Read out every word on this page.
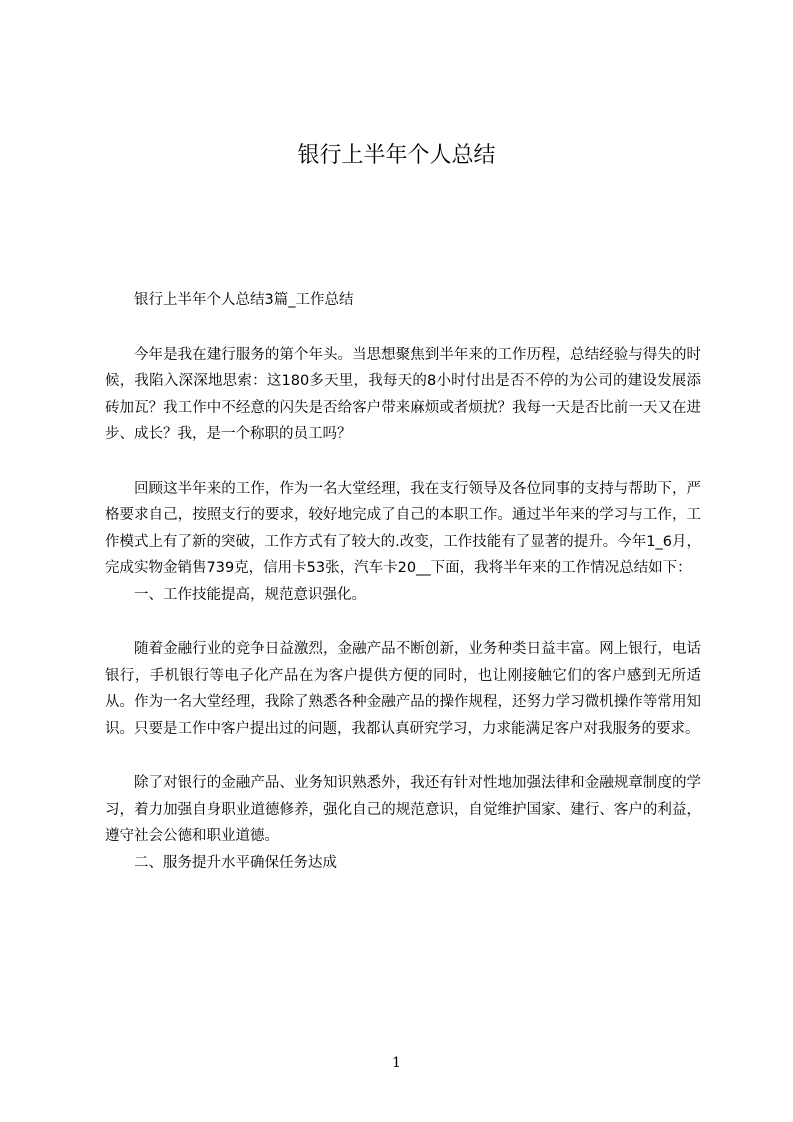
银行上半年个人总结

银行上半年个人总结3篇_工作总结

今年是我在建行服务的第个年头。当思想聚焦到半年来的工作历程，总结经验与得失的时候，我陷入深深地思索：这180多天里，我每天的8小时付出是否不停的为公司的建设发展添砖加瓦？我工作中不经意的闪失是否给客户带来麻烦或者烦扰？我每一天是否比前一天又在进步、成长？我，是一个称职的员工吗？

回顾这半年来的工作，作为一名大堂经理，我在支行领导及各位同事的支持与帮助下，严格要求自己，按照支行的要求，较好地完成了自己的本职工作。通过半年来的学习与工作，工作模式上有了新的突破，工作方式有了较大的.改变，工作技能有了显著的提升。今年1_6月，完成实物金销售739克，信用卡53张，汽车卡20__下面，我将半年来的工作情况总结如下：

一、工作技能提高，规范意识强化。

随着金融行业的竞争日益激烈，金融产品不断创新，业务种类日益丰富。网上银行，电话银行，手机银行等电子化产品在为客户提供方便的同时，也让刚接触它们的客户感到无所适从。作为一名大堂经理，我除了熟悉各种金融产品的操作规程，还努力学习微机操作等常用知识。只要是工作中客户提出过的问题，我都认真研究学习，力求能满足客户对我服务的要求。

除了对银行的金融产品、业务知识熟悉外，我还有针对性地加强法律和金融规章制度的学习，着力加强自身职业道德修养，强化自己的规范意识，自觉维护国家、建行、客户的利益，遵守社会公德和职业道德。

二、服务提升水平确保任务达成

1
